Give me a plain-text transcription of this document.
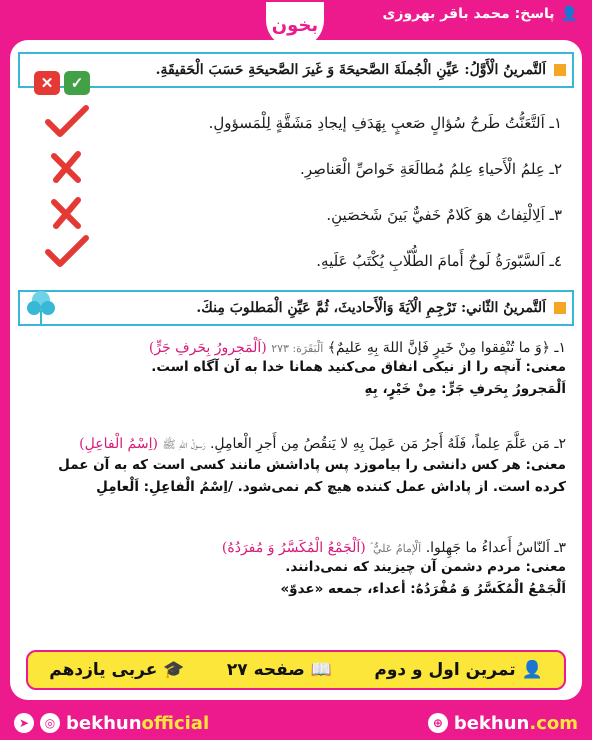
👤
پاسخ: محمد باقر بهروزی
بخون
اَلتَّمرينُ الْأَوَّلُ: عَيِّنِ الْجُملَةَ الصَّحيحَةَ وَ غَيرَ الصَّحيحَةِ حَسَبَ الْحَقيقَةِ.
✓
✕
١ـ اَلتَّعَنُّتُ طَرحُ سُؤالٍ صَعبٍ بِهَدَفِ إيجادِ مَشَقَّةٍ لِلْمَسؤولِ.
٢ـ عِلمُ الْأَحياءِ عِلمُ مُطالَعَةِ خَواصِّ الْعَناصِرِ.
٣ـ اَلِالْتِفاتُ هوَ كَلامٌ خَفيٌّ بَينَ شَخصَينِ.
٤ـ اَلسَّبّورَةُ لَوحٌ أَمامَ الطُّلّابِ يُكْتَبُ عَلَيهِ.
اَلتَّمرينُ الثّاني: تَرْجِمِ الْآيَةَ وَالْأَحاديثَ، ثُمَّ عَيِّنِ الْمَطلوبَ مِنكَ.
١ـ ﴿وَ ما تُنْفِقوا مِنْ خَيرٍ فَإنَّ اللهَ بِهِ عَليمٌ﴾ اَلْبَقَرَة: ٢٧٣ (اَلْمَجرورُ بِحَرفِ جَرٍّ)
معنی: آنچه را از نیکی انفاق می‌کنید همانا خدا به آن آگاه است.
اَلْمَجرورُ بِحَرفِ جَرٍّ: مِنْ خَيْرٍ، بِهِ
٢ـ مَن عَلَّمَ عِلماً، فَلَهُ أَجرُ مَن عَمِلَ بِهِ لا يَنقُصُ مِن أَجرِ الْعامِلِ. رَسولُ اللهِ ﷺ (اِسْمُ الْفاعِلِ)
معنی: هر کس دانشی را بیاموزد پس پاداشش مانند کسی است که به آن عمل
کرده است. از پاداش عمل کننده هیچ کم نمی‌شود. /اِسْمُ الْفاعِلِ: اَلْعامِلِ
٣ـ اَلنّاسُ أَعداءُ ما جَهِلوا. اَلْإمامُ عَليٌّ ؑ (اَلْجَمْعُ الْمُكَسَّرُ وَ مُفرَدُهُ)
معنی: مردم دشمن آن چیزیند که نمی‌دانند.
اَلْجَمْعُ الْمُكَسَّرُ وَ مُفْرَدُهُ: أعداء، جمعه «عدوّ»
👤
تمرین اول و دوم
📖
صفحه ۲۷
🎓
عربی یازدهم
➤	◎ bekhunofficial	⊕ bekhun.com
